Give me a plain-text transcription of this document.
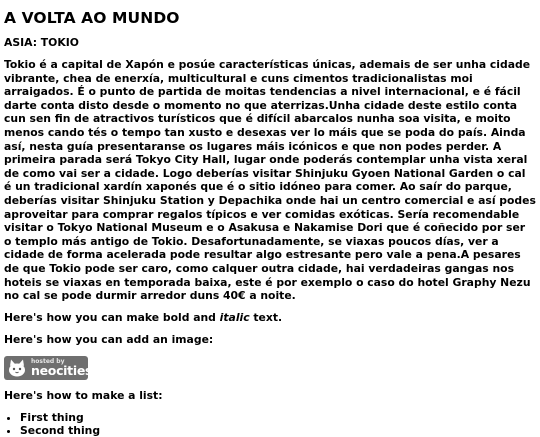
A VOLTA AO MUNDO
ASIA: TOKIO

Tokio é a capital de Xapón e posúe características únicas, ademais de ser unha cidade vibrante, chea de enerxía, multicultural e cuns cimentos tradicionalistas moi arraigados. É o punto de partida de moitas tendencias a nivel internacional, e é fácil darte conta disto desde o momento no que aterrizas.Unha cidade deste estilo conta cun sen fin de atractivos turísticos que é difícil abarcalos nunha soa visita, e moito menos cando tés o tempo tan xusto e desexas ver lo máis que se poda do país. Ainda así, nesta guía presentaranse os lugares máis icónicos e que non podes perder. A primeira parada será Tokyo City Hall, lugar onde poderás contemplar unha vista xeral de como vai ser a cidade. Logo deberías visitar Shinjuku Gyoen National Garden o cal é un tradicional xardín xaponés que é o sitio idóneo para comer. Ao saír do parque, deberías visitar Shinjuku Station y Depachika onde hai un centro comercial e así podes aproveitar para comprar regalos típicos e ver comidas exóticas. Sería recomendable visitar o Tokyo National Museum e o Asakusa e Nakamise Dori que é coñecido por ser o templo más antigo de Tokio. Desafortunadamente, se viaxas poucos días, ver a cidade de forma acelerada pode resultar algo estresante pero vale a pena.A pesares de que Tokio pode ser caro, como calquer outra cidade, hai verdadeiras gangas nos hoteis se viaxas en temporada baixa, este é por exemplo o caso do hotel Graphy Nezu no cal se pode durmir arredor duns 40€ a noite.

Here's how you can make bold and italic text.

Here's how you can add an image:

hosted by
neocities

Here's how to make a list:

• First thing
• Second thing
